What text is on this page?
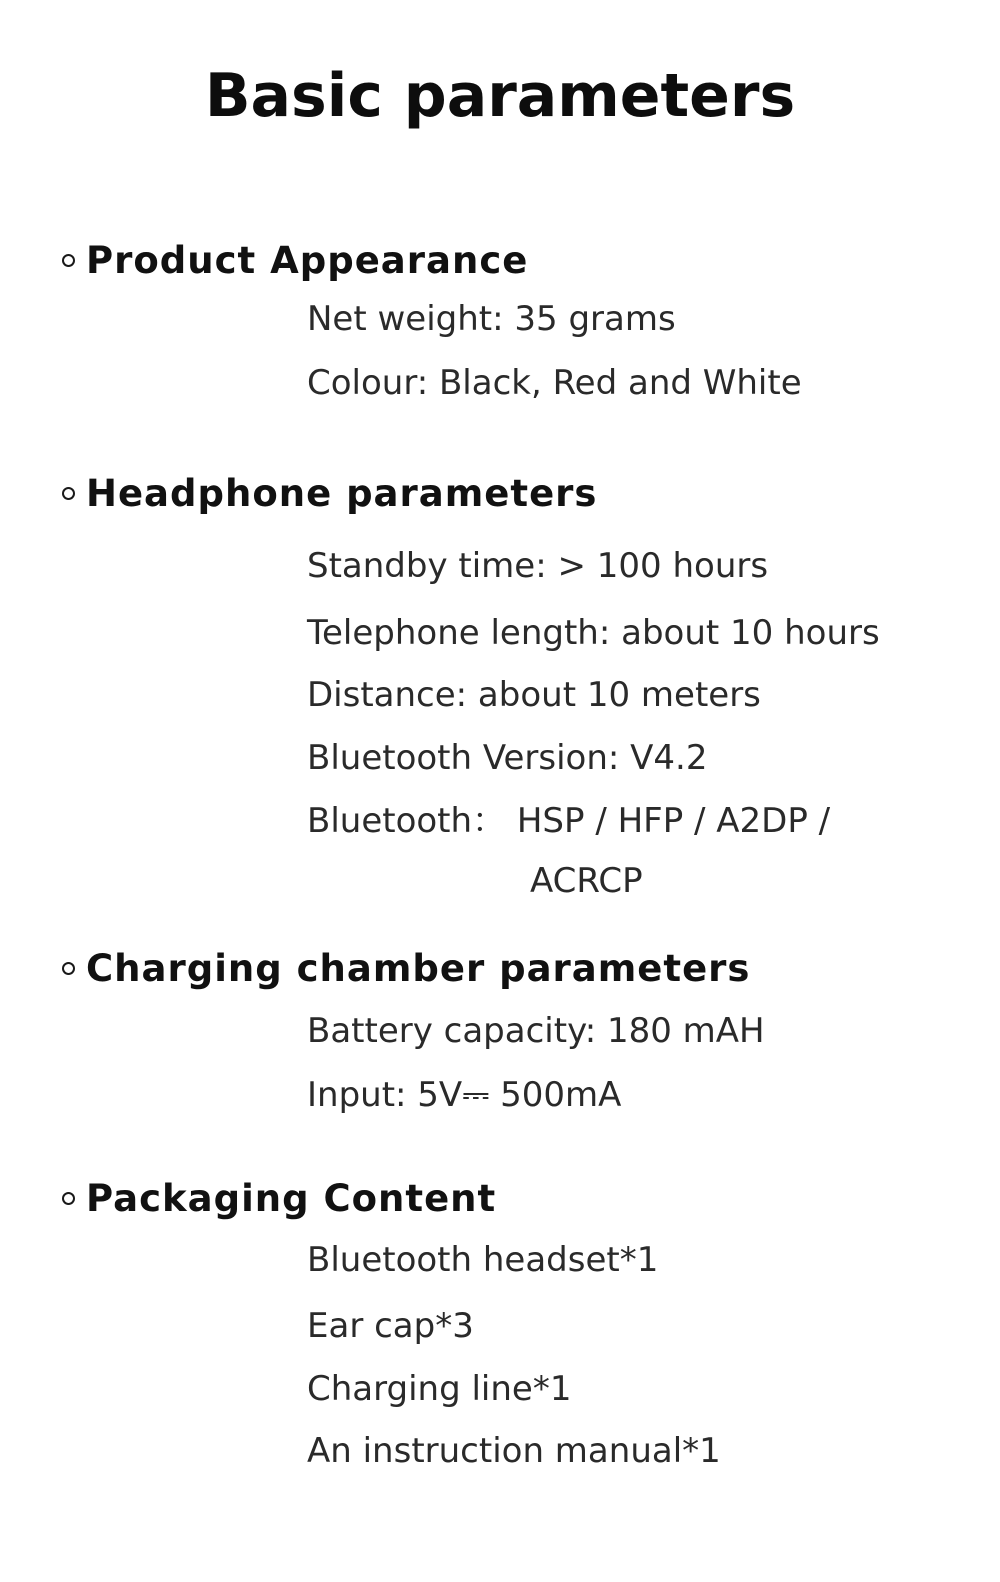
Basic parameters
Product Appearance
Net weight: 35 grams
Colour: Black, Red and White
Headphone parameters
Standby time: > 100 hours
Telephone length: about 10 hours
Distance: about 10 meters
Bluetooth Version: V4.2
Bluetooth： HSP / HFP / A2DP /
ACRCP
Charging chamber parameters
Battery capacity: 180 mAH
Input: 5V⎓ 500mA
Packaging Content
Bluetooth headset*1
Ear cap*3
Charging line*1
An instruction manual*1
